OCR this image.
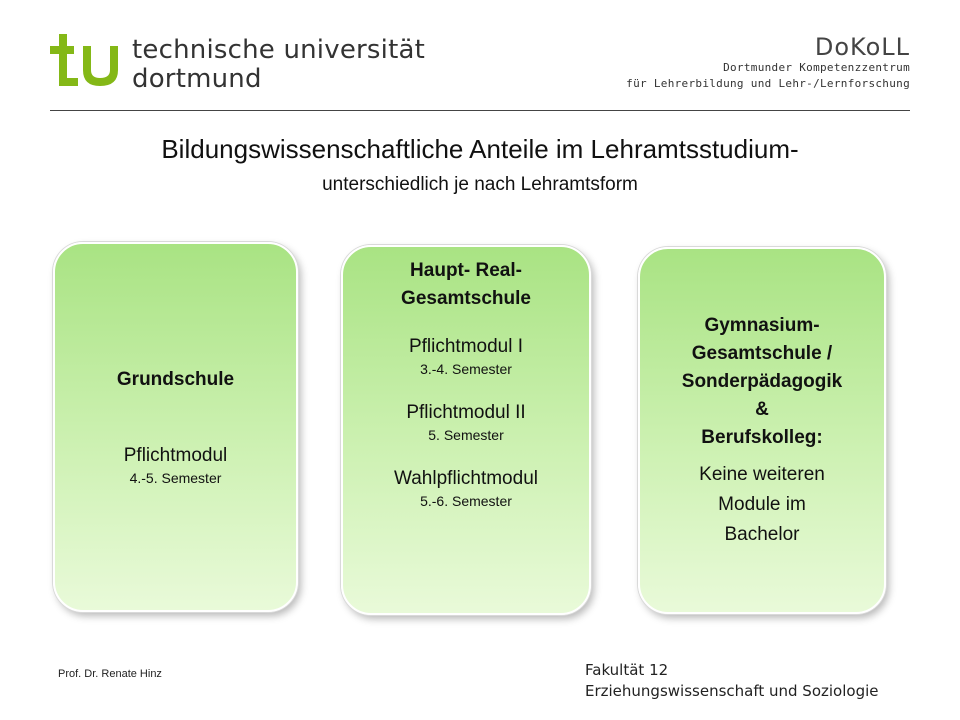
technische universität
dortmund
DoKoLL
Dortmunder Kompetenzzentrum
für Lehrerbildung und Lehr-/Lernforschung
Bildungswissenschaftliche Anteile im Lehramtsstudium-
unterschiedlich je nach Lehramtsform
Grundschule
Pflichtmodul
4.-5. Semester
Haupt- Real-
Gesamtschule
Pflichtmodul I
3.-4. Semester
Pflichtmodul II
5. Semester
Wahlpflichtmodul
5.-6. Semester
Gymnasium-
Gesamtschule /
Sonderpädagogik
&
Berufskolleg:
Keine weiteren
Module im
Bachelor
Prof. Dr. Renate Hinz	Fakultät 12
Erziehungswissenschaft und Soziologie
